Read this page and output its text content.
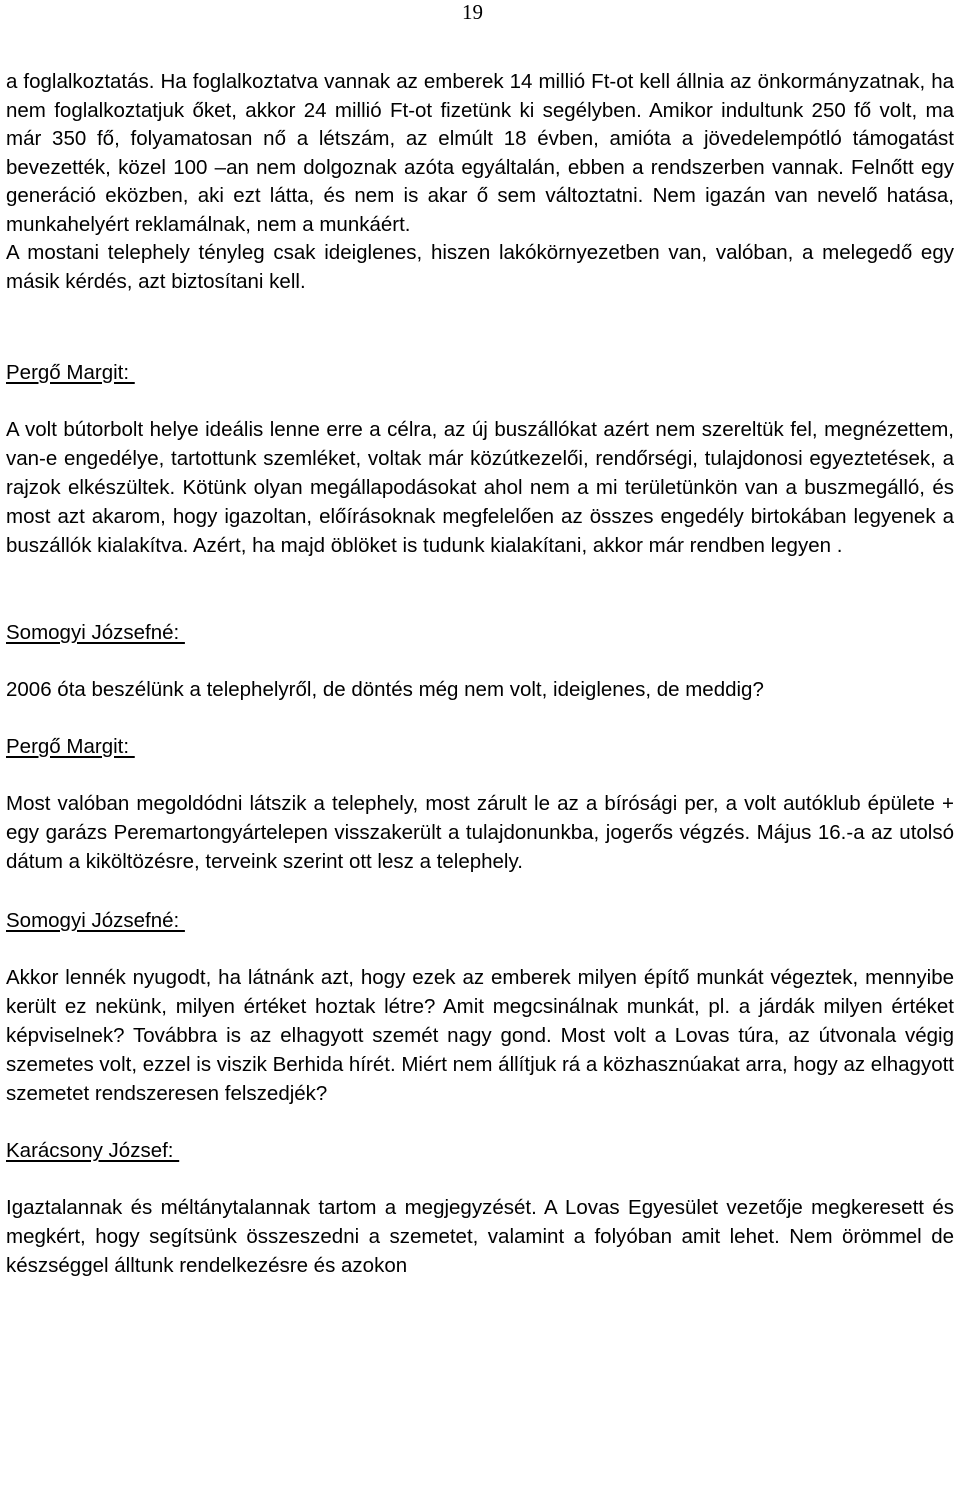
19

a foglalkoztatás. Ha foglalkoztatva vannak az emberek 14 millió Ft-ot kell állnia az önkormányzatnak, ha nem foglalkoztatjuk őket, akkor 24 millió Ft-ot fizetünk ki segélyben. Amikor indultunk 250 fő volt, ma már 350 fő, folyamatosan nő a létszám, az elmúlt 18 évben, amióta a jövedelempótló támogatást bevezették, közel 100 –an nem dolgoznak azóta egyáltalán, ebben a rendszerben vannak. Felnőtt egy generáció eközben, aki ezt látta, és nem is akar ő sem változtatni. Nem igazán van nevelő hatása, munkahelyért reklamálnak, nem a munkáért.

A mostani telephely tényleg csak ideiglenes, hiszen lakókörnyezetben van, valóban, a melegedő egy másik kérdés, azt biztosítani kell.

Pergő Margit:

A volt bútorbolt helye ideális lenne erre a célra, az új buszállókat azért nem szereltük fel, megnézettem, van-e engedélye, tartottunk szemléket, voltak már közútkezelői, rendőrségi, tulajdonosi egyeztetések, a rajzok elkészültek. Kötünk olyan megállapodásokat ahol nem a mi területünkön van a buszmegálló, és most azt akarom, hogy igazoltan, előírásoknak megfelelően az összes engedély birtokában legyenek a buszállók kialakítva. Azért, ha majd öblöket is tudunk kialakítani, akkor már rendben legyen .

Somogyi Józsefné:

2006 óta beszélünk a telephelyről, de döntés még nem volt, ideiglenes, de meddig?

Pergő Margit:

Most valóban megoldódni látszik a telephely, most zárult le az a bírósági per, a volt autóklub épülete + egy garázs Peremartongyártelepen visszakerült a tulajdonunkba, jogerős végzés. Május 16.-a az utolsó dátum a kiköltözésre, terveink szerint ott lesz a telephely.

Somogyi Józsefné:

Akkor lennék nyugodt, ha látnánk azt, hogy ezek az emberek milyen építő munkát végeztek, mennyibe került ez nekünk, milyen értéket hoztak létre? Amit megcsinálnak munkát, pl. a járdák milyen értéket képviselnek? Továbbra is az elhagyott szemét nagy gond. Most volt a Lovas túra, az útvonala végig szemetes volt, ezzel is viszik Berhida hírét. Miért nem állítjuk rá a közhasznúakat arra, hogy az elhagyott szemetet rendszeresen felszedjék?

Karácsony József:

Igaztalannak és méltánytalannak tartom a megjegyzését. A Lovas Egyesület vezetője megkeresett és megkért, hogy segítsünk összeszedni a szemetet, valamint a folyóban amit lehet. Nem örömmel de készséggel álltunk rendelkezésre és azokon
